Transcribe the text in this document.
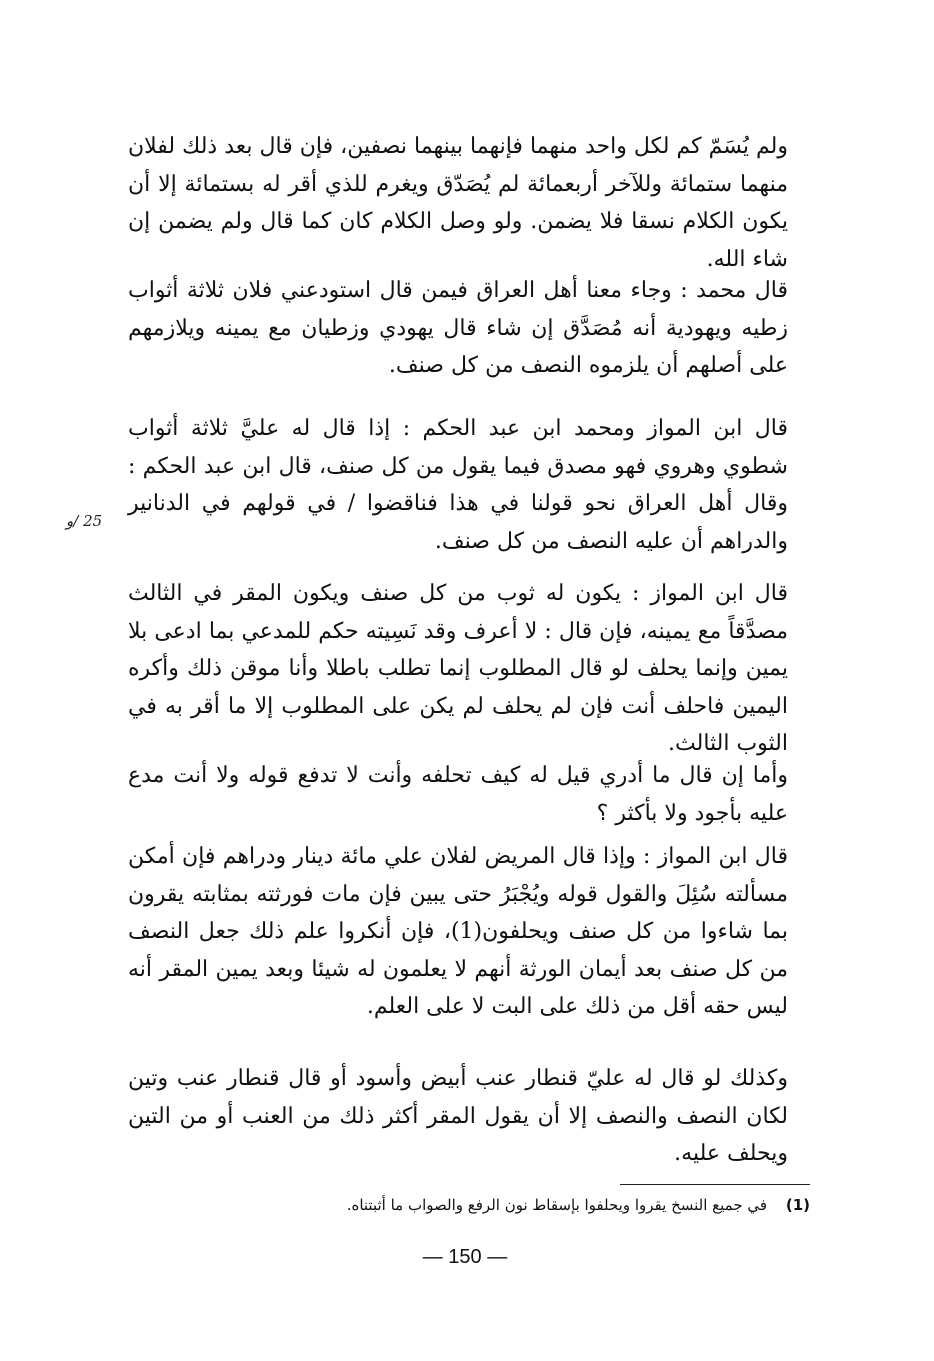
ولم يُسَمّ كم لكل واحد منهما فإنهما بينهما نصفين، فإن قال بعد ذلك لفلان منهما ستمائة وللآخر أربعمائة لم يُصَدّق ويغرم للذي أقر له بستمائة إلا أن يكون الكلام نسقا فلا يضمن. ولو وصل الكلام كان كما قال ولم يضمن إن شاء الله.

قال محمد : وجاء معنا أهل العراق فيمن قال استودعني فلان ثلاثة أثواب زطيه ويهودية أنه مُصَدَّق إن شاء قال يهودي وزطيان مع يمينه ويلازمهم على أصلهم أن يلزموه النصف من كل صنف.

قال ابن المواز ومحمد ابن عبد الحكم : إذا قال له عليَّ ثلاثة أثواب شطوي وهروي فهو مصدق فيما يقول من كل صنف، قال ابن عبد الحكم : وقال أهل العراق نحو قولنا في هذا فناقضوا / في قولهم في الدنانير والدراهم أن عليه النصف من كل صنف.

قال ابن المواز : يكون له ثوب من كل صنف ويكون المقر في الثالث مصدَّقاً مع يمينه، فإن قال : لا أعرف وقد نَسِيته حكم للمدعي بما ادعى بلا يمين وإنما يحلف لو قال المطلوب إنما تطلب باطلا وأنا موقن ذلك وأكره اليمين فاحلف أنت فإن لم يحلف لم يكن على المطلوب إلا ما أقر به في الثوب الثالث.

وأما إن قال ما أدري قيل له كيف تحلفه وأنت لا تدفع قوله ولا أنت مدع عليه بأجود ولا بأكثر ؟

قال ابن المواز : وإذا قال المريض لفلان علي مائة دينار ودراهم فإن أمكن مسألته سُئِلَ والقول قوله ويُجْبَرُ حتى يبين فإن مات فورثته بمثابته يقرون بما شاءوا من كل صنف ويحلفون(1)، فإن أنكروا علم ذلك جعل النصف من كل صنف بعد أيمان الورثة أنهم لا يعلمون له شيئا وبعد يمين المقر أنه ليس حقه أقل من ذلك على البت لا على العلم.

وكذلك لو قال له عليّ قنطار عنب أبيض وأسود أو قال قنطار عنب وتين لكان النصف والنصف إلا أن يقول المقر أكثر ذلك من العنب أو من التين ويحلف عليه.

25 /و
(1) في جميع النسخ يقروا ويحلفوا بإسقاط نون الرفع والصواب ما أثبتناه.
— 150 —
